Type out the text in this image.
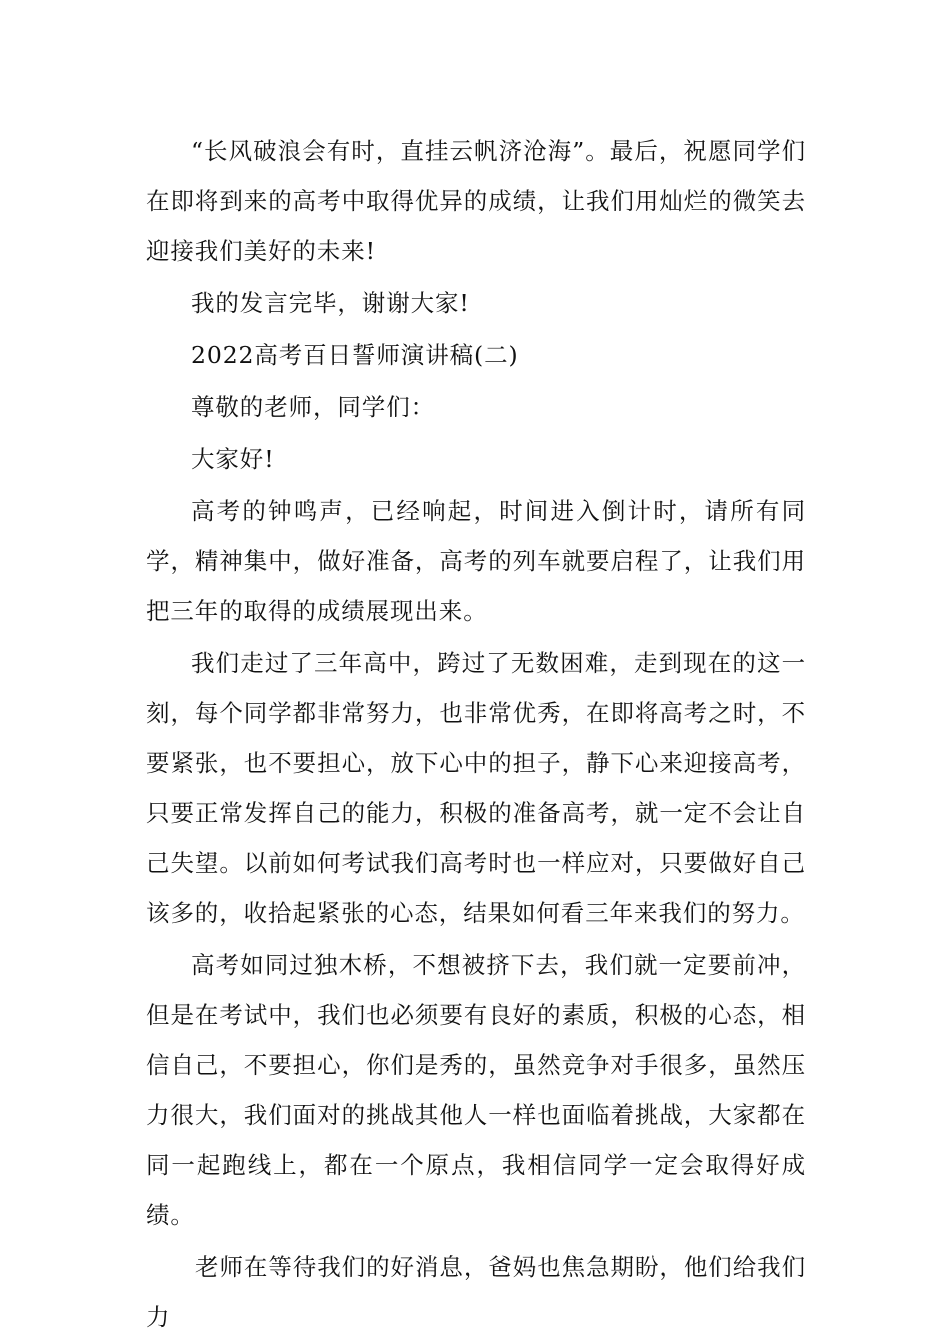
“长风破浪会有时，直挂云帆济沧海”。最后，祝愿同学们在即将到来的高考中取得优异的成绩，让我们用灿烂的微笑去迎接我们美好的未来!

我的发言完毕，谢谢大家!

2022高考百日誓师演讲稿(二)

尊敬的老师，同学们：

大家好!

高考的钟鸣声，已经响起，时间进入倒计时，请所有同学，精神集中，做好准备，高考的列车就要启程了，让我们用把三年的取得的成绩展现出来。

我们走过了三年高中，跨过了无数困难，走到现在的这一刻，每个同学都非常努力，也非常优秀，在即将高考之时，不要紧张，也不要担心，放下心中的担子，静下心来迎接高考，只要正常发挥自己的能力，积极的准备高考，就一定不会让自己失望。以前如何考试我们高考时也一样应对，只要做好自己该多的，收拾起紧张的心态，结果如何看三年来我们的努力。

高考如同过独木桥，不想被挤下去，我们就一定要前冲，但是在考试中，我们也必须要有良好的素质，积极的心态，相信自己，不要担心，你们是秀的，虽然竞争对手很多，虽然压力很大，我们面对的挑战其他人一样也面临着挑战，大家都在同一起跑线上，都在一个原点，我相信同学一定会取得好成绩。

老师在等待我们的好消息，爸妈也焦急期盼，他们给我们力
